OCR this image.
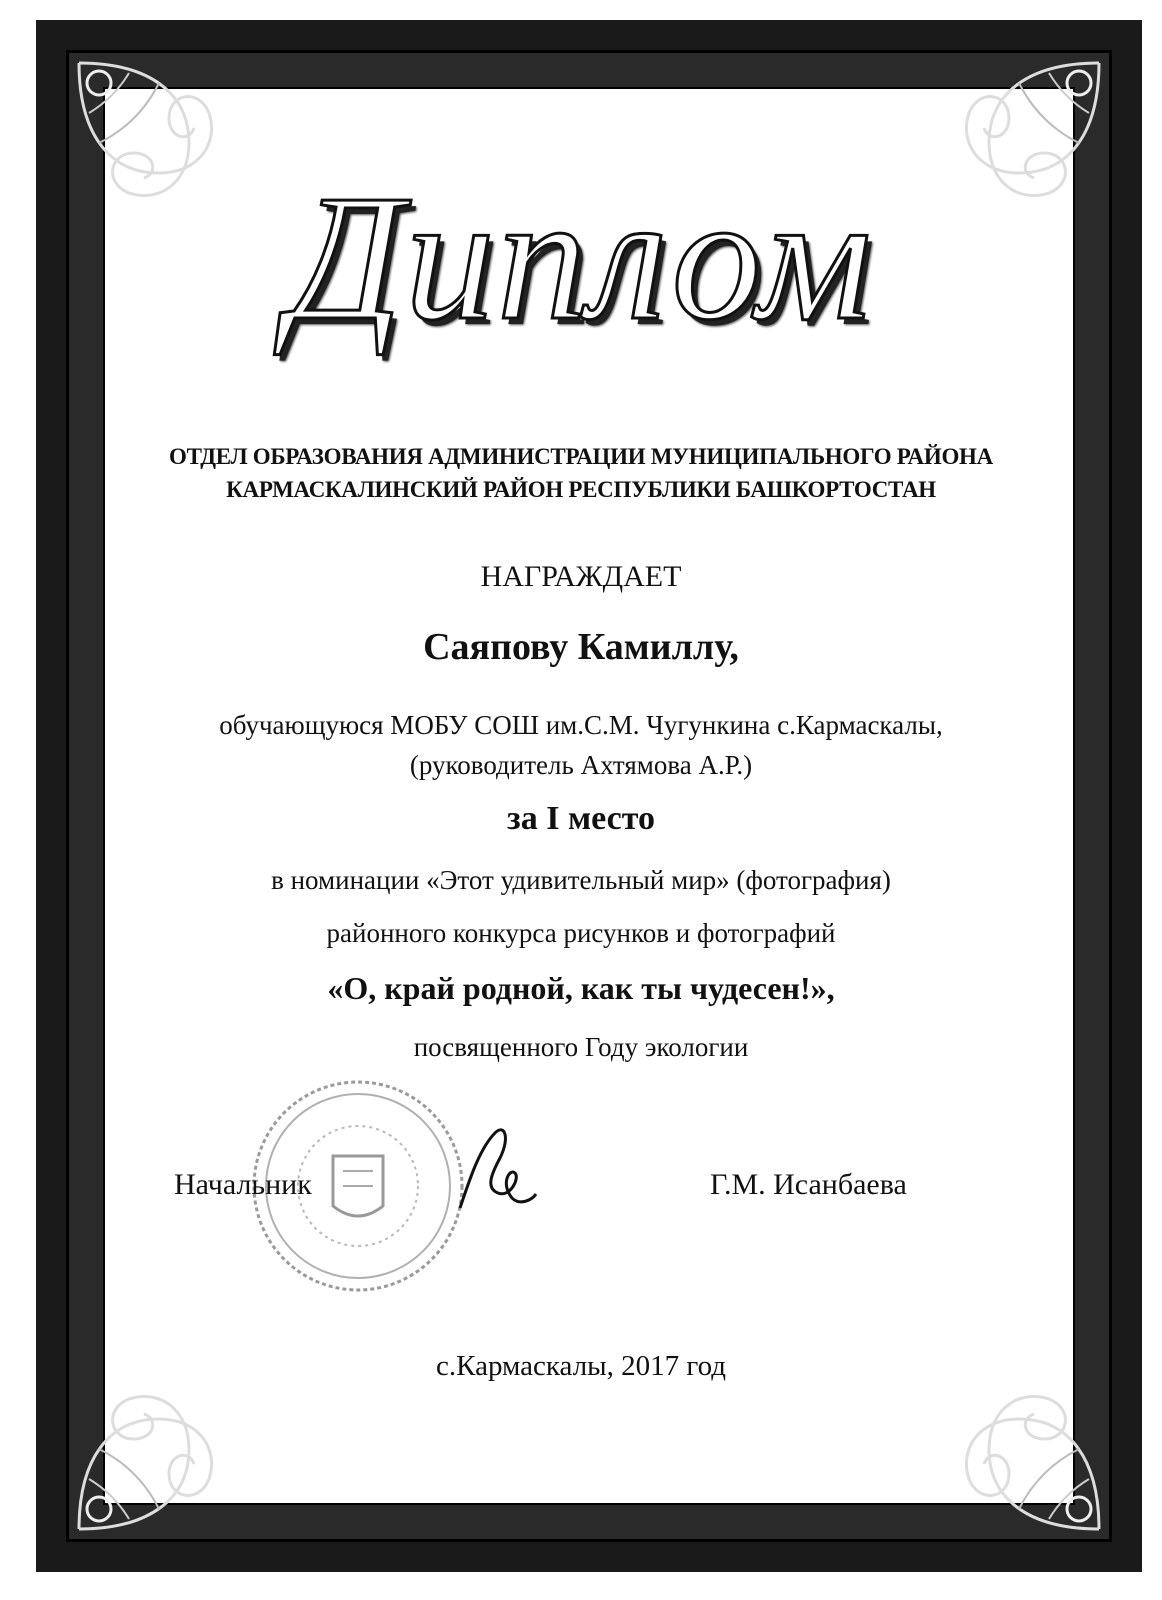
Диплом
ОТДЕЛ ОБРАЗОВАНИЯ АДМИНИСТРАЦИИ МУНИЦИПАЛЬНОГО РАЙОНА
КАРМАСКАЛИНСКИЙ РАЙОН РЕСПУБЛИКИ БАШКОРТОСТАН
НАГРАЖДАЕТ
Саяпову Камиллу,
обучающуюся МОБУ СОШ им.С.М. Чугункина с.Кармаскалы,
(руководитель Ахтямова А.Р.)
за I место
в номинации «Этот удивительный мир» (фотография)
районного конкурса рисунков и фотографий
«О, край родной, как ты чудесен!»,
посвященного Году экологии
Начальник	Г.М. Исанбаева
с.Кармаскалы, 2017 год
